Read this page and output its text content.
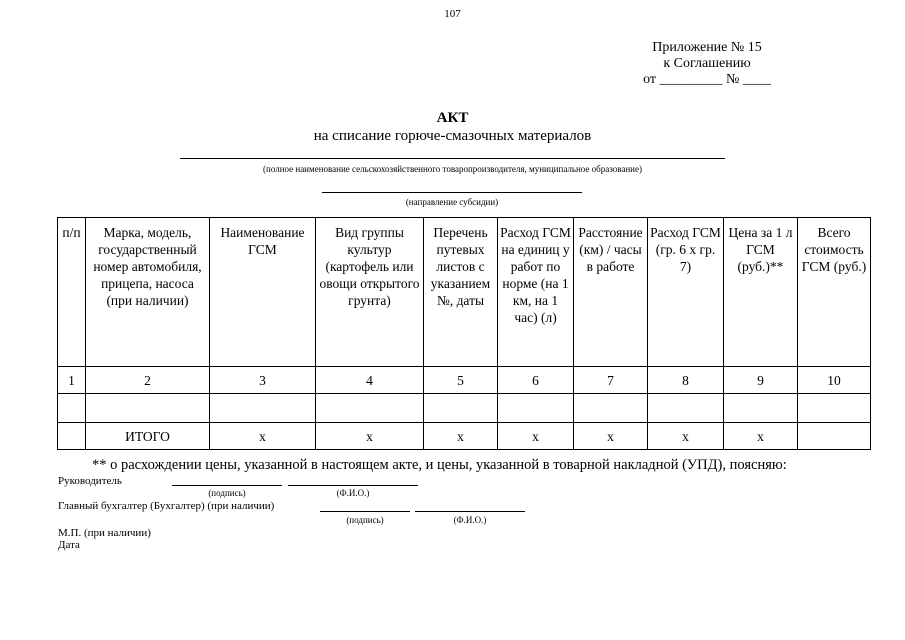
107
Приложение № 15
к Соглашению
от _________ № ____
АКТ
на списание горюче-смазочных материалов
(полное наименование сельскохозяйственного товаропроизводителя, муниципальное образование)
(направление субсидии)
п/п	Марка, модель, государственный номер автомобиля, прицепа, насоса (при наличии)	Наименование ГСМ	Вид группы культур (картофель или овощи открытого грунта)	Перечень путевых листов с указанием №, даты	Расход ГСМ на единиц у работ по норме (на 1 км, на 1 час) (л)	Расстояние (км) / часы в работе	Расход ГСМ (гр. 6 х гр. 7)	Цена за 1 л ГСМ (руб.)**	Всего стоимость ГСМ (руб.)
1	2	3	4	5	6	7	8	9	10

	ИТОГО	х	х	х	х	х	х	х	
** о расхождении цены, указанной в настоящем акте, и цены, указанной в товарной накладной (УПД), поясняю:
Руководитель
(подпись)	(Ф.И.О.)
Главный бухгалтер (Бухгалтер) (при наличии)
(подпись)	(Ф.И.О.)
М.П. (при наличии)
Дата
